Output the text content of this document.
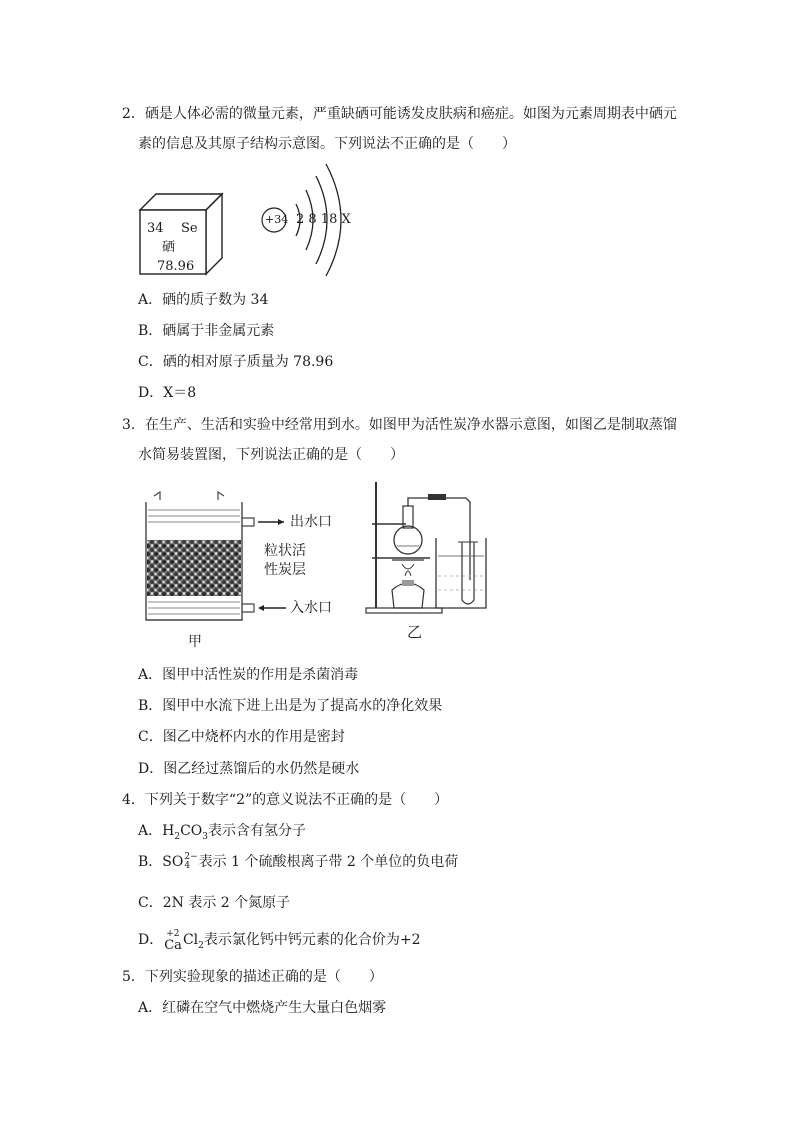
2．硒是人体必需的微量元素，严重缺硒可能诱发皮肤病和癌症。如图为元素周期表中硒元
素的信息及其原子结构示意图。下列说法不正确的是（　　）
34 Se
硒
78.96
+34 2 8 18 X
A．硒的质子数为 34
B．硒属于非金属元素
C．硒的相对原子质量为 78.96
D．X＝8
3．在生产、生活和实验中经常用到水。如图甲为活性炭净水器示意图，如图乙是制取蒸馏
水简易装置图，下列说法正确的是（　　）
出水口
粒状活
性炭层
入水口
甲
乙
A．图甲中活性炭的作用是杀菌消毒
B．图甲中水流下进上出是为了提高水的净化效果
C．图乙中烧杯内水的作用是密封
D．图乙经过蒸馏后的水仍然是硬水
4．下列关于数字“2”的意义说法不正确的是（　　）
A．$H_2CO_3$表示含有氢分子
B．SO 2−
4 表示 1 个硫酸根离子带 2 个单位的负电荷
C．2N 表示 2 个氮原子
D． +2
Ca $Cl_2$表示氯化钙中钙元素的化合价为+2
5．下列实验现象的描述正确的是（　　）
A．红磷在空气中燃烧产生大量白色烟雾
